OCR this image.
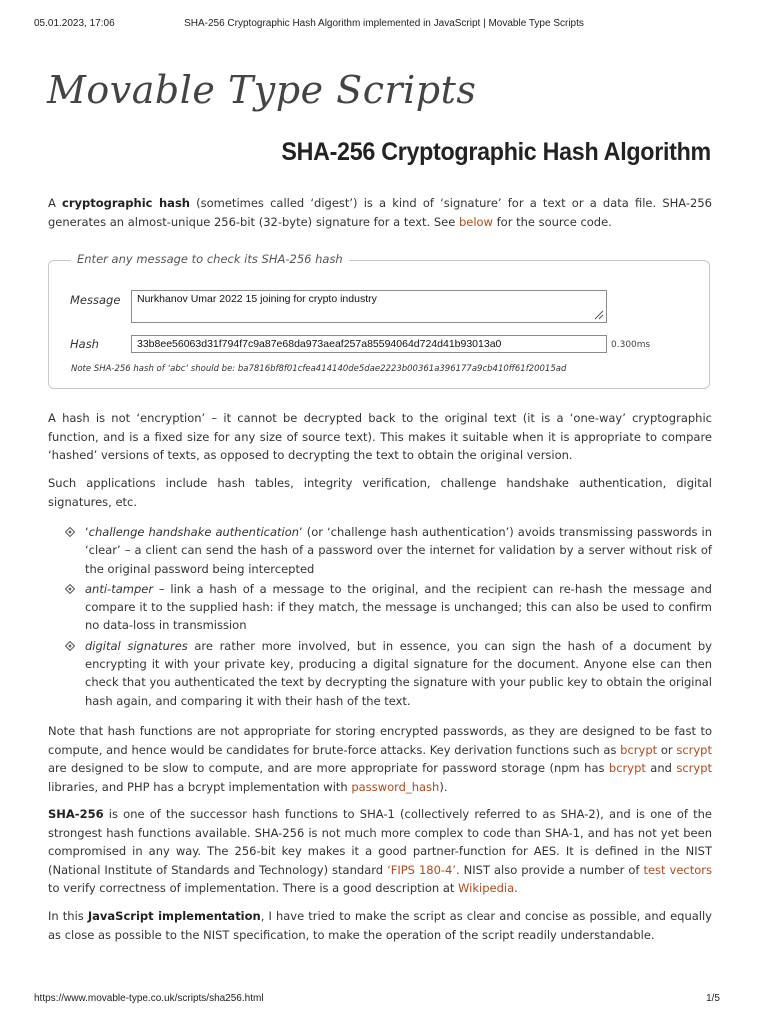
05.01.2023, 17:06	SHA-256 Cryptographic Hash Algorithm implemented in JavaScript | Movable Type Scripts
Movable Type Scripts
SHA-256 Cryptographic Hash Algorithm

A cryptographic hash (sometimes called ‘digest’) is a kind of ‘signature’ for a text or a data file. SHA-256 generates an almost-unique 256-bit (32-byte) signature for a text. See below for the source code.

Enter any message to check its SHA-256 hash
Message	Nurkhanov Umar 2022 15 joining for crypto industry
Hash	33b8ee56063d31f794f7c9a87e68da973aeaf257a85594064d724d41b93013a0	0.300ms
Note SHA-256 hash of ‘abc’ should be: ba7816bf8f01cfea414140de5dae2223b00361a396177a9cb410ff61f20015ad

A hash is not ‘encryption’ – it cannot be decrypted back to the original text (it is a ‘one-way’ cryptographic function, and is a fixed size for any size of source text). This makes it suitable when it is appropriate to compare ‘hashed’ versions of texts, as opposed to decrypting the text to obtain the original version.

Such applications include hash tables, integrity verification, challenge handshake authentication, digital signatures, etc.

‘challenge handshake authentication’ (or ‘challenge hash authentication’) avoids transmissing passwords in ‘clear’ – a client can send the hash of a password over the internet for validation by a server without risk of the original password being intercepted
anti-tamper – link a hash of a message to the original, and the recipient can re-hash the message and compare it to the supplied hash: if they match, the message is unchanged; this can also be used to confirm no data-loss in transmission
digital signatures are rather more involved, but in essence, you can sign the hash of a document by encrypting it with your private key, producing a digital signature for the document. Anyone else can then check that you authenticated the text by decrypting the signature with your public key to obtain the original hash again, and comparing it with their hash of the text.

Note that hash functions are not appropriate for storing encrypted passwords, as they are designed to be fast to compute, and hence would be candidates for brute-force attacks. Key derivation functions such as bcrypt or scrypt are designed to be slow to compute, and are more appropriate for password storage (npm has bcrypt and scrypt libraries, and PHP has a bcrypt implementation with password_hash).

SHA-256 is one of the successor hash functions to SHA-1 (collectively referred to as SHA-2), and is one of the strongest hash functions available. SHA-256 is not much more complex to code than SHA-1, and has not yet been compromised in any way. The 256-bit key makes it a good partner-function for AES. It is defined in the NIST (National Institute of Standards and Technology) standard ‘FIPS 180-4’. NIST also provide a number of test vectors to verify correctness of implementation. There is a good description at Wikipedia.

In this JavaScript implementation, I have tried to make the script as clear and concise as possible, and equally as close as possible to the NIST specification, to make the operation of the script readily understandable.

https://www.movable-type.co.uk/scripts/sha256.html	1/5
